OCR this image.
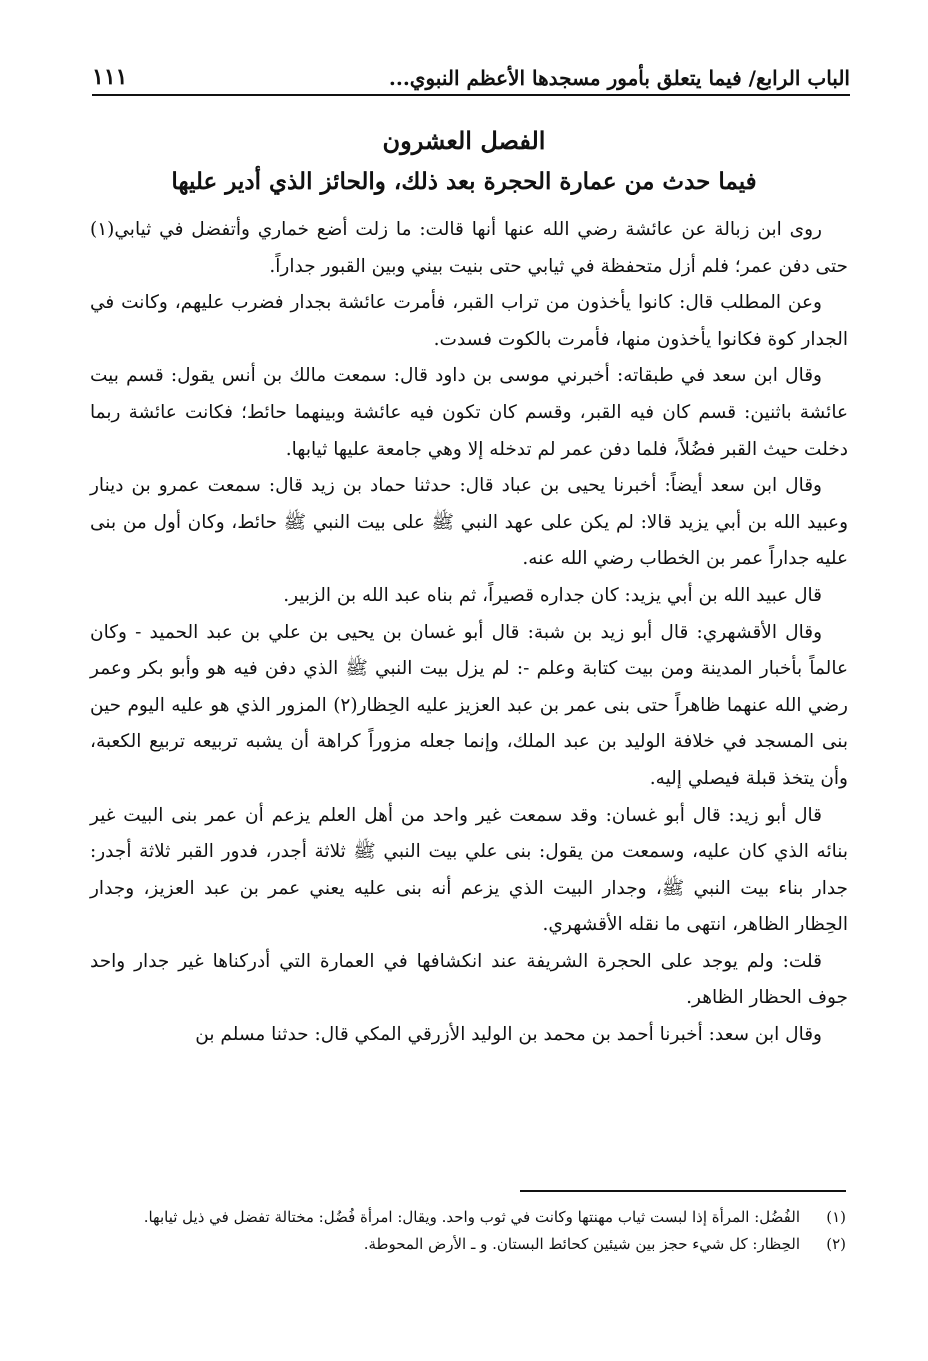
الباب الرابع/ فيما يتعلق بأمور مسجدها الأعظم النبوي...
١١١
الفصل العشرون
فيما حدث من عمارة الحجرة بعد ذلك، والحائز الذي أدير عليها

روى ابن زبالة عن عائشة رضي الله عنها أنها قالت: ما زلت أضع خماري وأتفضل في ثيابي(١) حتى دفن عمر؛ فلم أزل متحفظة في ثيابي حتى بنيت بيني وبين القبور جداراً.

وعن المطلب قال: كانوا يأخذون من تراب القبر، فأمرت عائشة بجدار فضرب عليهم، وكانت في الجدار كوة فكانوا يأخذون منها، فأمرت بالكوت فسدت.

وقال ابن سعد في طبقاته: أخبرني موسى بن داود قال: سمعت مالك بن أنس يقول: قسم بيت عائشة باثنين: قسم كان فيه القبر، وقسم كان تكون فيه عائشة وبينهما حائط؛ فكانت عائشة ربما دخلت حيث القبر فضُلاً، فلما دفن عمر لم تدخله إلا وهي جامعة عليها ثيابها.

وقال ابن سعد أيضاً: أخبرنا يحيى بن عباد قال: حدثنا حماد بن زيد قال: سمعت عمرو بن دينار وعبيد الله بن أبي يزيد قالا: لم يكن على عهد النبي ﷺ على بيت النبي ﷺ حائط، وكان أول من بنى عليه جداراً عمر بن الخطاب رضي الله عنه.

قال عبيد الله بن أبي يزيد: كان جداره قصيراً، ثم بناه عبد الله بن الزبير.

وقال الأقشهري: قال أبو زيد بن شبة: قال أبو غسان بن يحيى بن علي بن عبد الحميد - وكان عالماً بأخبار المدينة ومن بيت كتابة وعلم -: لم يزل بيت النبي ﷺ الذي دفن فيه هو وأبو بكر وعمر رضي الله عنهما ظاهراً حتى بنى عمر بن عبد العزيز عليه الحِظار(٢) المزور الذي هو عليه اليوم حين بنى المسجد في خلافة الوليد بن عبد الملك، وإنما جعله مزوراً كراهة أن يشبه تربيعه تربيع الكعبة، وأن يتخذ قبلة فيصلي إليه.

قال أبو زيد: قال أبو غسان: وقد سمعت غير واحد من أهل العلم يزعم أن عمر بنى البيت غير بنائه الذي كان عليه، وسمعت من يقول: بنى علي بيت النبي ﷺ ثلاثة أجدر، فدور القبر ثلاثة أجدر: جدار بناء بيت النبي ﷺ، وجدار البيت الذي يزعم أنه بنى عليه يعني عمر بن عبد العزيز، وجدار الحِظار الظاهر، انتهى ما نقله الأقشهري.

قلت: ولم يوجد على الحجرة الشريفة عند انكشافها في العمارة التي أدركناها غير جدار واحد جوف الحظار الظاهر.

وقال ابن سعد: أخبرنا أحمد بن محمد بن الوليد الأزرقي المكي قال: حدثنا مسلم بن

(١)
الفُضُل: المرأة إذا لبست ثياب مهنتها وكانت في ثوب واحد. ويقال: امرأة فُضُل: مختالة تفضل في ذيل ثيابها.
(٢)
الحِظار: كل شيء حجز بين شيئين كحائط البستان. و ـ الأرض المحوطة.
